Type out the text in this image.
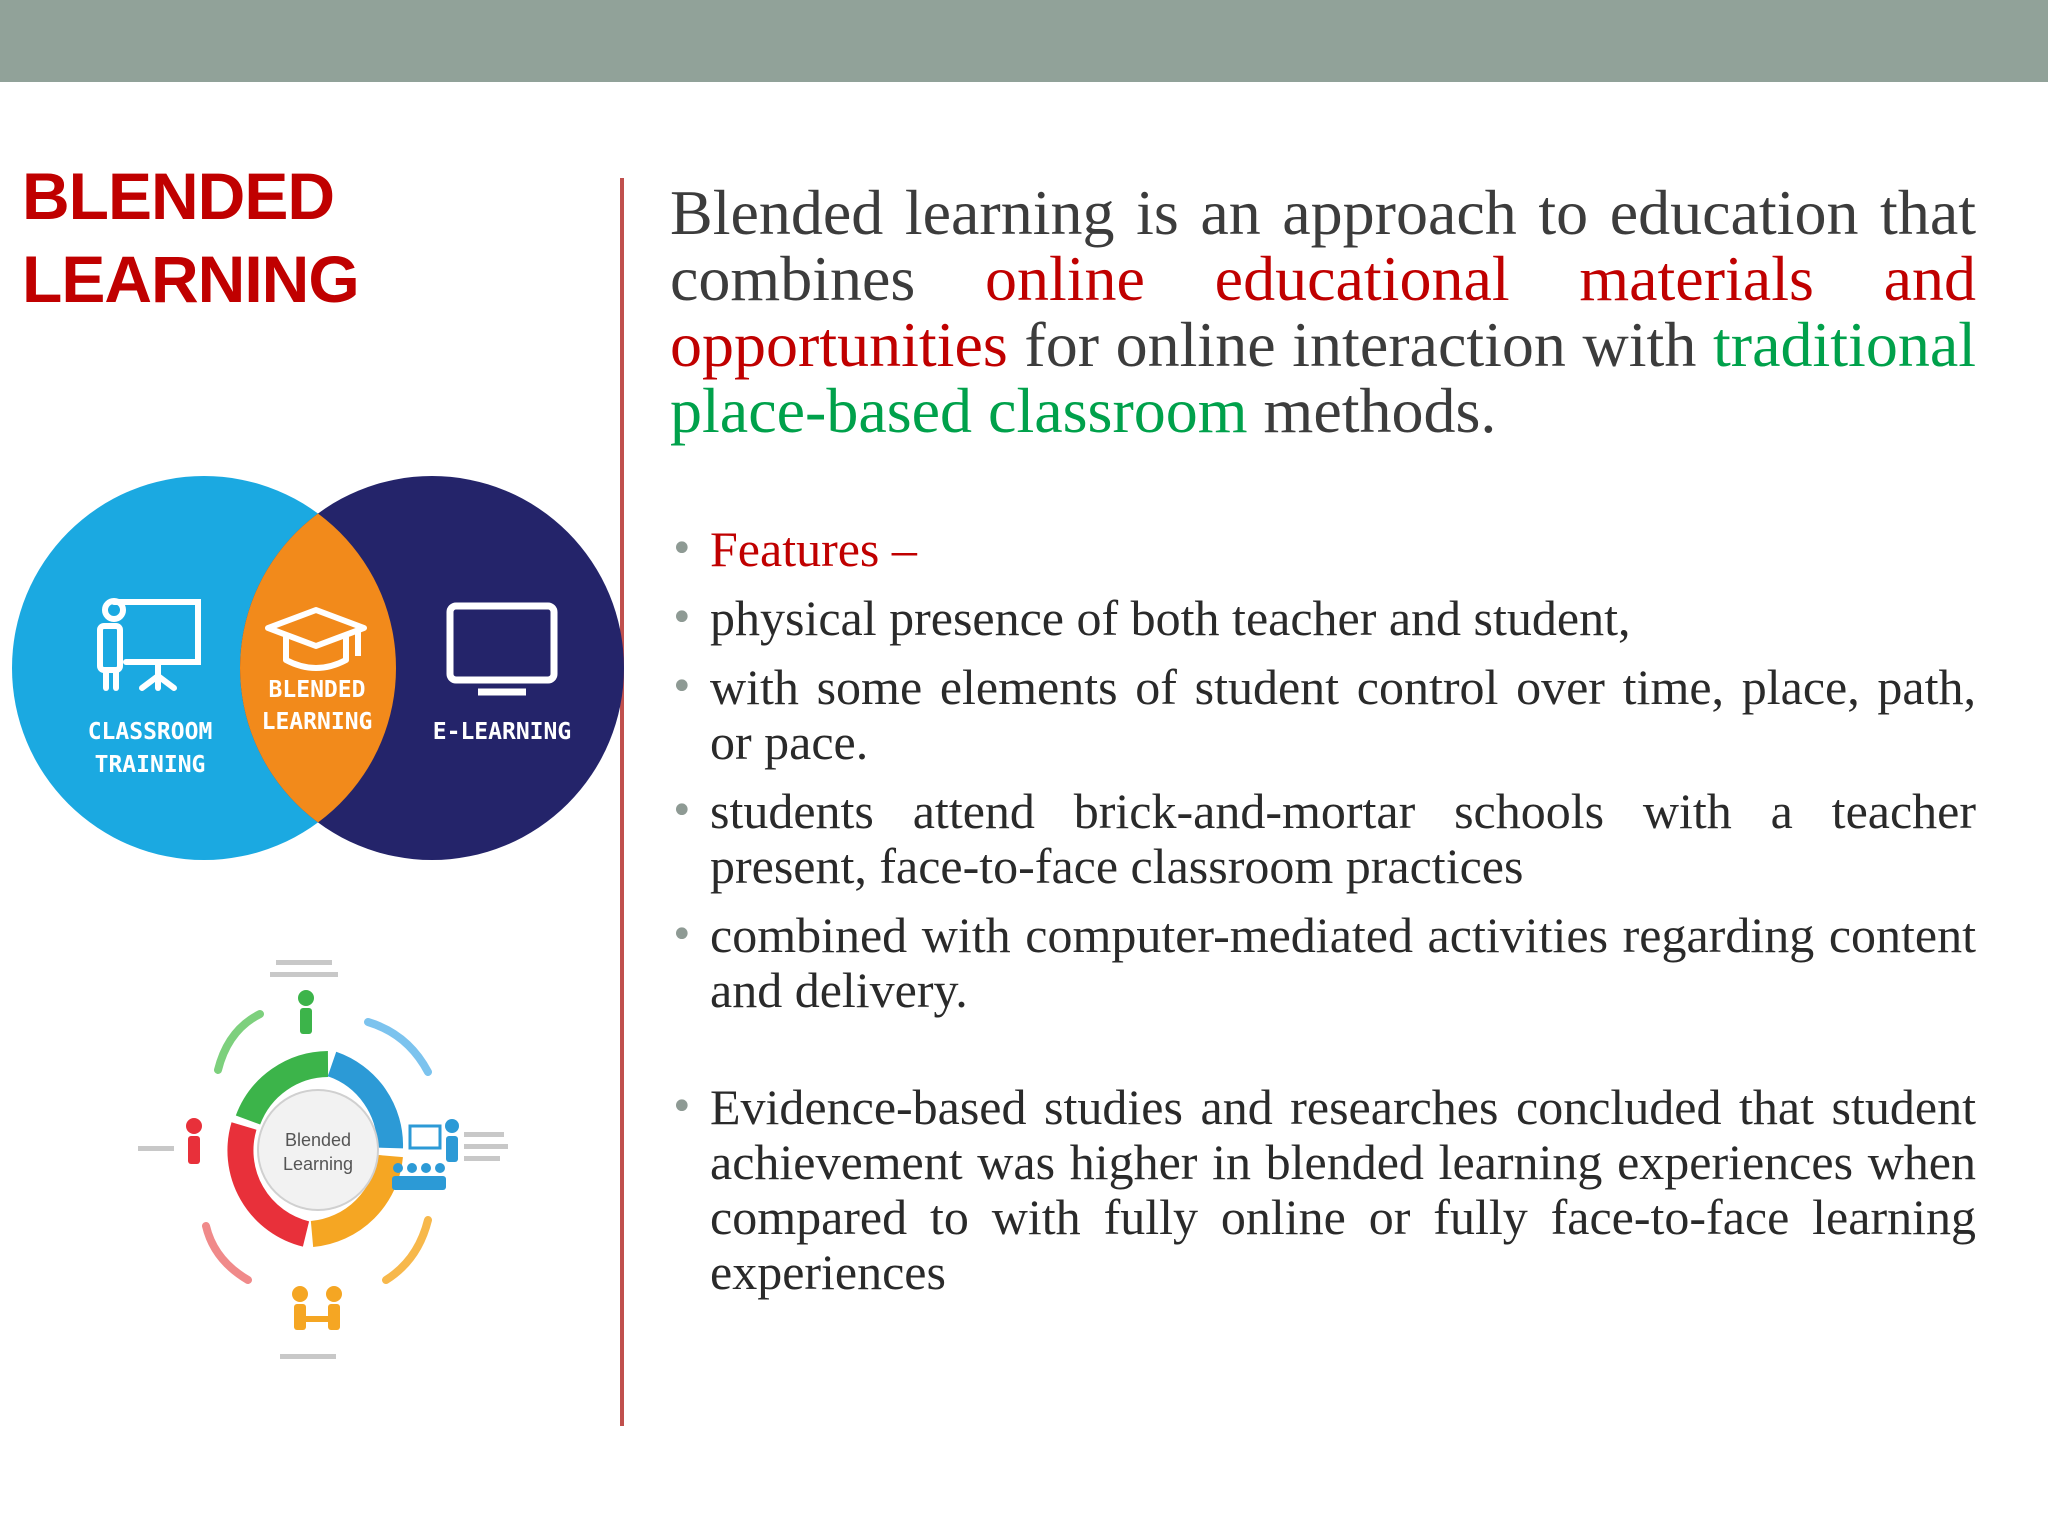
BLENDED
LEARNING
CLASSROOM
TRAINING
BLENDED
LEARNING	E-LEARNING
Blended
Learning
Blended learning is an approach to education that combines online educational materials and opportunities for online interaction with traditional place-based classroom methods.
• Features –
• physical presence of both teacher and student,
• with some elements of student control over time, place, path, or pace.
• students attend brick-and-mortar schools with a teacher present, face-to-face classroom practices
• combined with computer-mediated activities regarding content and delivery.
• Evidence-based studies and researches concluded that student achievement was higher in blended learning experiences when compared to with fully online or fully face-to-face learning experiences
